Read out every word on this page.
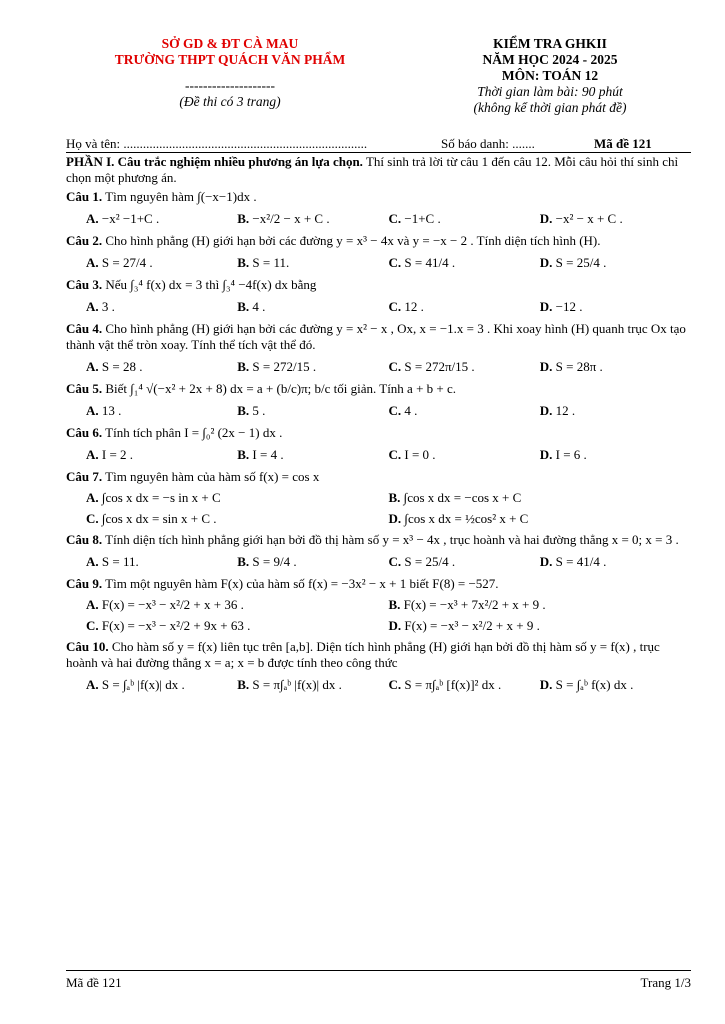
SỞ GD & ĐT CÀ MAU
TRƯỜNG THPT QUÁCH VĂN PHẨM
--------------------
(Đề thi có 3 trang)
KIỂM TRA GHKII
NĂM HỌC 2024 - 2025
MÔN: TOÁN 12
Thời gian làm bài: 90 phút
(không kể thời gian phát đề)
Họ và tên: ...........................................................................	Số báo danh: .......	Mã đề 121

PHẦN I. Câu trắc nghiệm nhiều phương án lựa chọn. Thí sinh trả lời từ câu 1 đến câu 12. Mỗi câu hỏi thí sinh chỉ chọn một phương án.

Câu 1. Tìm nguyên hàm ∫(−x−1)dx .

A. −x² −1+C .	B. −x²/2 − x + C .	C. −1+C .	D. −x² − x + C .

Câu 2. Cho hình phẳng (H) giới hạn bởi các đường y = x³ − 4x và y = −x − 2 . Tính diện tích hình (H).

A. S = 27/4 .	B. S = 11.	C. S = 41/4 .	D. S = 25/4 .

Câu 3. Nếu ∫₃⁴ f(x) dx = 3 thì ∫₃⁴ −4f(x) dx bằng

A. 3 .	B. 4 .	C. 12 .	D. −12 .

Câu 4. Cho hình phẳng (H) giới hạn bởi các đường y = x² − x , Ox, x = −1.x = 3 . Khi xoay hình (H) quanh trục Ox tạo thành vật thể tròn xoay. Tính thể tích vật thể đó.

A. S = 28 .	B. S = 272/15 .	C. S = 272π/15 .	D. S = 28π .

Câu 5. Biết ∫₁⁴ √(−x² + 2x + 8) dx = a + (b/c)π; b/c tối giản. Tính a + b + c.

A. 13 .	B. 5 .	C. 4 .	D. 12 .

Câu 6. Tính tích phân I = ∫₀² (2x − 1) dx .

A. I = 2 .	B. I = 4 .	C. I = 0 .	D. I = 6 .

Câu 7. Tìm nguyên hàm của hàm số f(x) = cos x

A. ∫cos x dx = −s in x + C	B. ∫cos x dx = −cos x + C
C. ∫cos x dx = sin x + C .	D. ∫cos x dx = ½cos² x + C

Câu 8. Tính diện tích hình phẳng giới hạn bởi đồ thị hàm số y = x³ − 4x , trục hoành và hai đường thẳng x = 0; x = 3 .

A. S = 11.	B. S = 9/4 .	C. S = 25/4 .	D. S = 41/4 .

Câu 9. Tìm một nguyên hàm F(x) của hàm số f(x) = −3x² − x + 1 biết F(8) = −527.

A. F(x) = −x³ − x²/2 + x + 36 .	B. F(x) = −x³ + 7x²/2 + x + 9 .
C. F(x) = −x³ − x²/2 + 9x + 63 .	D. F(x) = −x³ − x²/2 + x + 9 .

Câu 10. Cho hàm số y = f(x) liên tục trên [a,b]. Diện tích hình phẳng (H) giới hạn bởi đồ thị hàm số y = f(x) , trục hoành và hai đường thẳng x = a; x = b được tính theo công thức

A. S = ∫ₐᵇ |f(x)| dx .	B. S = π∫ₐᵇ |f(x)| dx .	C. S = π∫ₐᵇ [f(x)]² dx .	D. S = ∫ₐᵇ f(x) dx .
Mã đề 121	Trang 1/3
